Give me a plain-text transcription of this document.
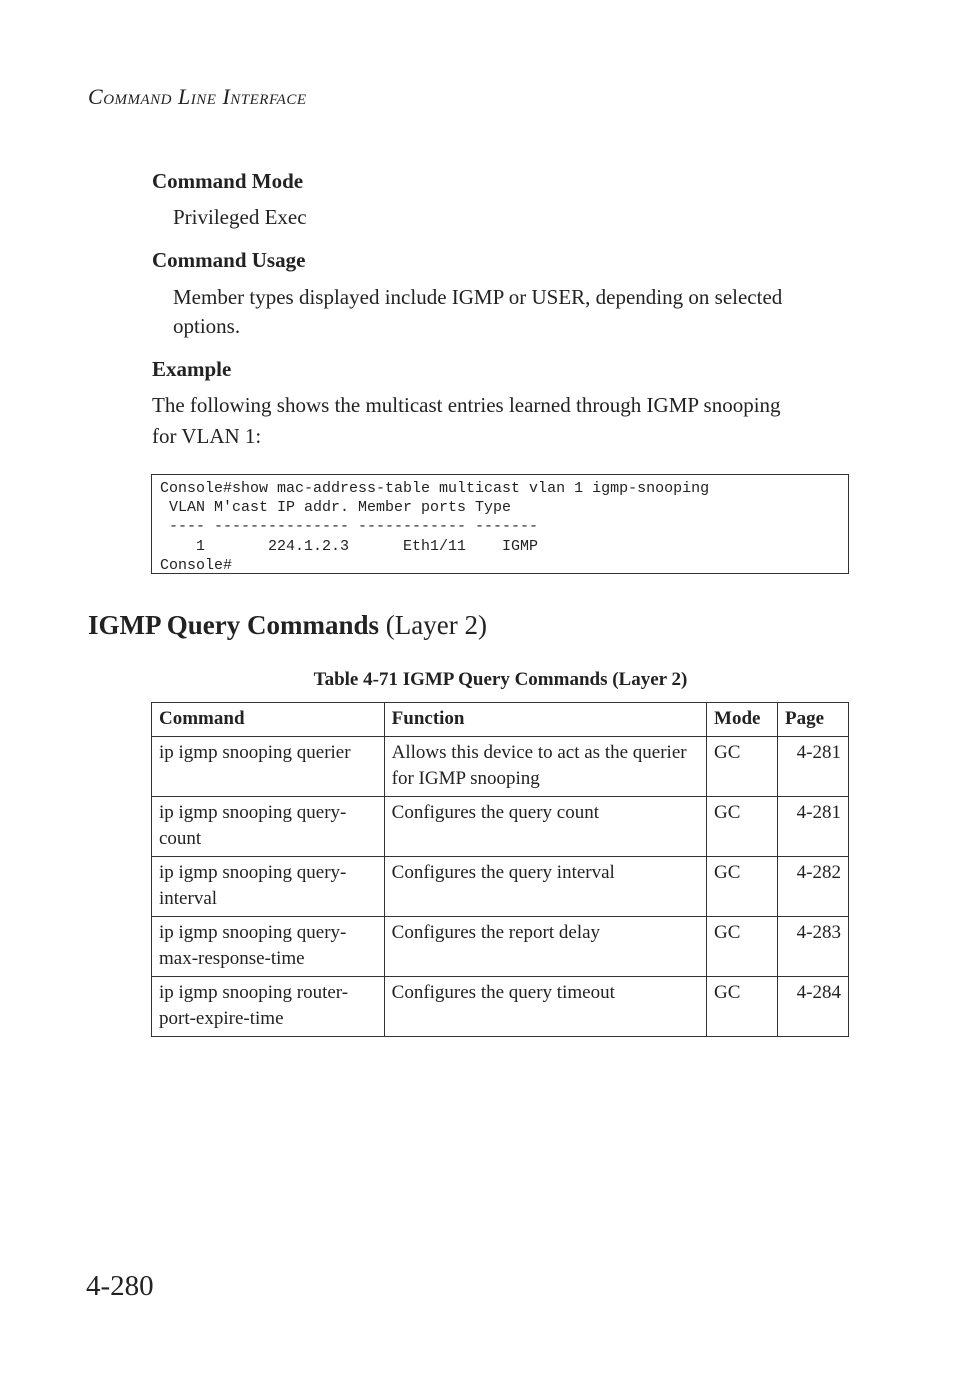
COMMAND LINE INTERFACE
Command Mode
Privileged Exec
Command Usage
Member types displayed include IGMP or USER, depending on selected options.
Example
The following shows the multicast entries learned through IGMP snooping for VLAN 1:
Console#show mac-address-table multicast vlan 1 igmp-snooping
VLAN M'cast IP addr. Member ports Type
---- --------------- ------------ -------
1       224.1.2.3      Eth1/11    IGMP
Console#
IGMP Query Commands (Layer 2)
Table 4-71 IGMP Query Commands (Layer 2)
Command	Function	Mode	Page
ip igmp snooping querier	Allows this device to act as the querier for IGMP snooping	GC	4-281
ip igmp snooping query-count	Configures the query count	GC	4-281
ip igmp snooping query-interval	Configures the query interval	GC	4-282
ip igmp snooping query-max-response-time	Configures the report delay	GC	4-283
ip igmp snooping router-port-expire-time	Configures the query timeout	GC	4-284
4-280
